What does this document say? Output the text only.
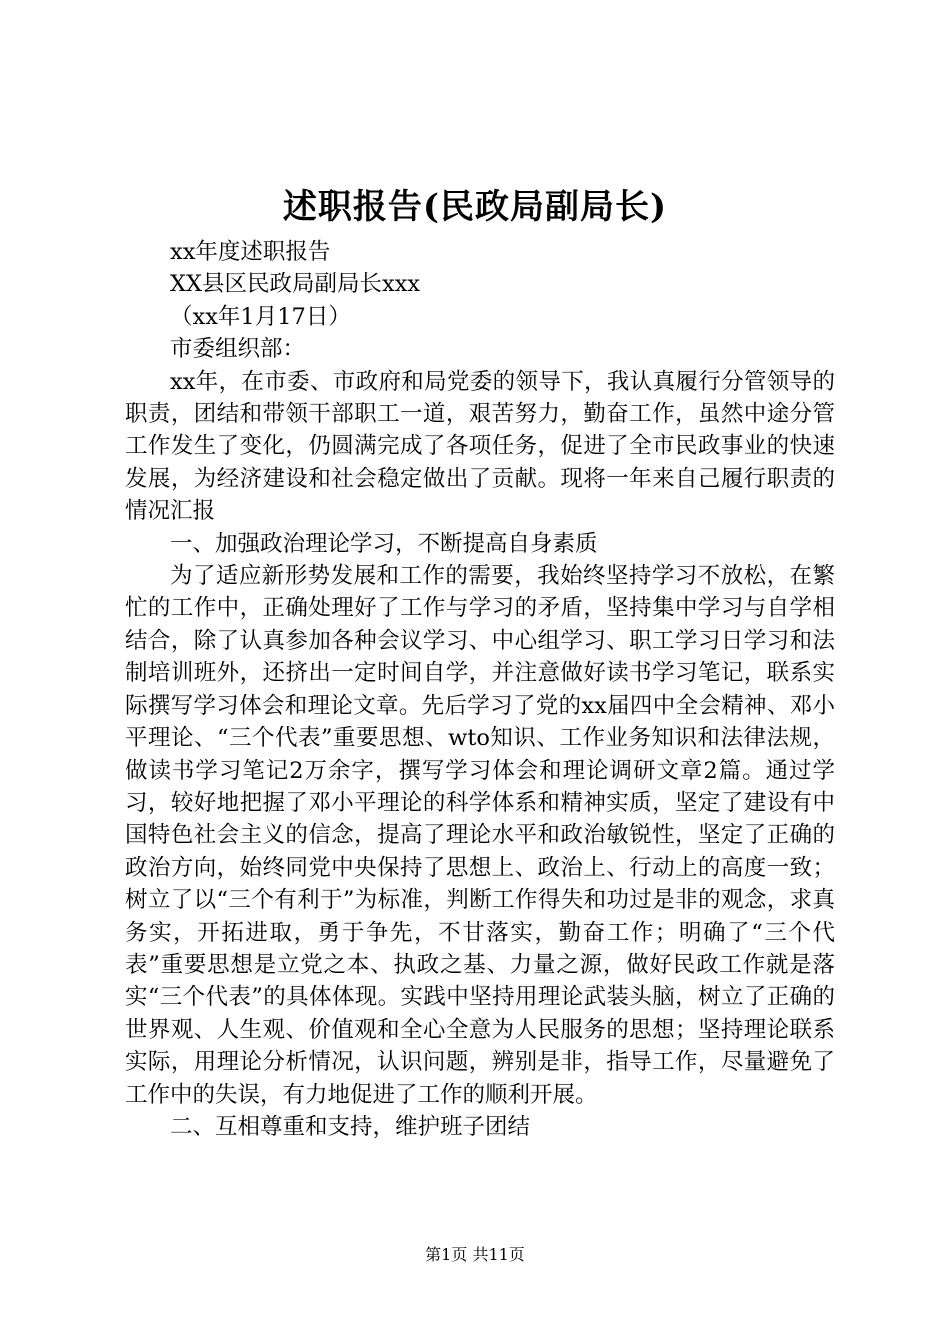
述职报告(民政局副局长)

xx年度述职报告

XX县区民政局副局长xxx

（xx年1月17日）

市委组织部：

xx年，在市委、市政府和局党委的领导下，我认真履行分管领导的职责，团结和带领干部职工一道，艰苦努力，勤奋工作，虽然中途分管工作发生了变化，仍圆满完成了各项任务，促进了全市民政事业的快速发展，为经济建设和社会稳定做出了贡献。现将一年来自己履行职责的情况汇报

一、加强政治理论学习，不断提高自身素质

为了适应新形势发展和工作的需要，我始终坚持学习不放松，在繁忙的工作中，正确处理好了工作与学习的矛盾，坚持集中学习与自学相结合，除了认真参加各种会议学习、中心组学习、职工学习日学习和法制培训班外，还挤出一定时间自学，并注意做好读书学习笔记，联系实际撰写学习体会和理论文章。先后学习了党的xx届四中全会精神、邓小平理论、“三个代表”重要思想、wto知识、工作业务知识和法律法规，做读书学习笔记2万余字，撰写学习体会和理论调研文章2篇。通过学习，较好地把握了邓小平理论的科学体系和精神实质，坚定了建设有中国特色社会主义的信念，提高了理论水平和政治敏锐性，坚定了正确的政治方向，始终同党中央保持了思想上、政治上、行动上的高度一致；树立了以“三个有利于”为标准，判断工作得失和功过是非的观念，求真务实，开拓进取，勇于争先，不甘落实，勤奋工作；明确了“三个代表”重要思想是立党之本、执政之基、力量之源，做好民政工作就是落实“三个代表”的具体体现。实践中坚持用理论武装头脑，树立了正确的世界观、人生观、价值观和全心全意为人民服务的思想；坚持理论联系实际，用理论分析情况，认识问题，辨别是非，指导工作，尽量避免了工作中的失误，有力地促进了工作的顺利开展。

二、互相尊重和支持，维护班子团结

第1页 共11页
